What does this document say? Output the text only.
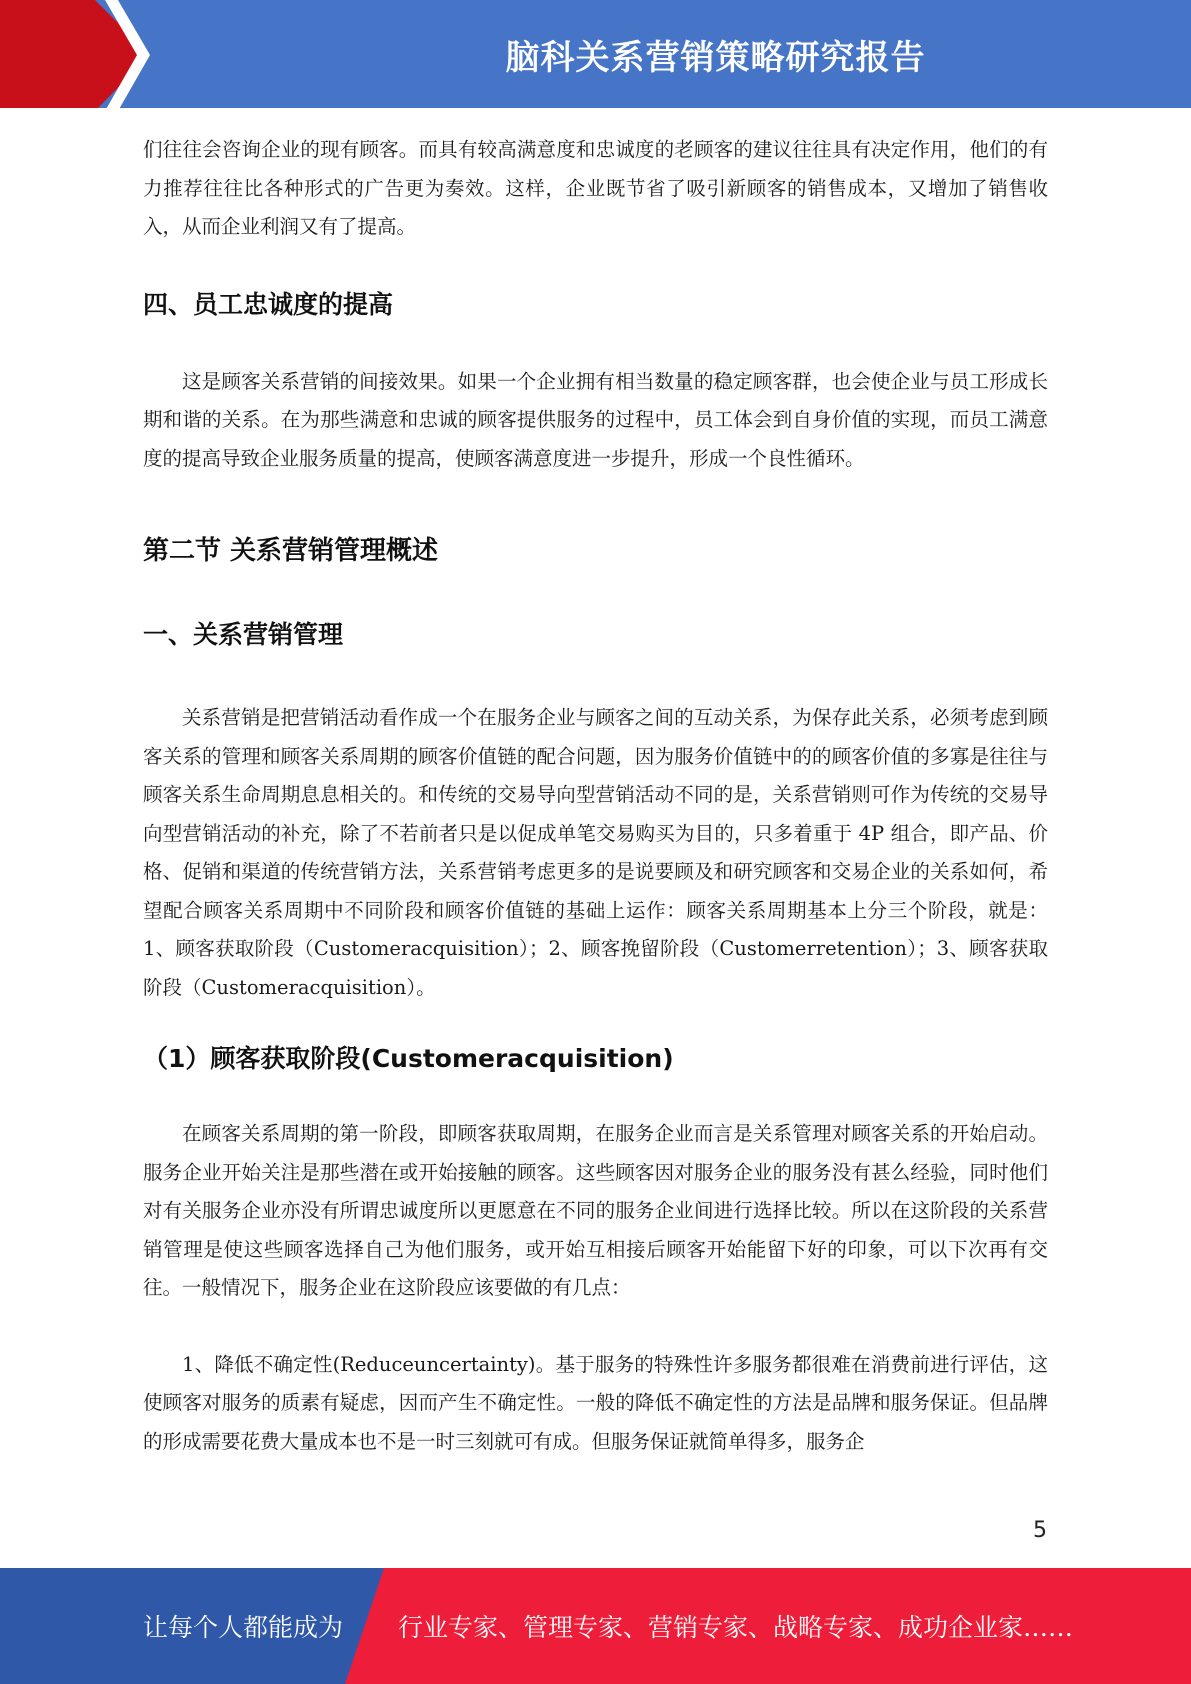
脑科关系营销策略研究报告

们往往会咨询企业的现有顾客。而具有较高满意度和忠诚度的老顾客的建议往往具有决定作用，他们的有力推荐往往比各种形式的广告更为奏效。这样，企业既节省了吸引新顾客的销售成本，又增加了销售收入，从而企业利润又有了提高。

四、员工忠诚度的提高

这是顾客关系营销的间接效果。如果一个企业拥有相当数量的稳定顾客群，也会使企业与员工形成长期和谐的关系。在为那些满意和忠诚的顾客提供服务的过程中，员工体会到自身价值的实现，而员工满意度的提高导致企业服务质量的提高，使顾客满意度进一步提升，形成一个良性循环。

第二节 关系营销管理概述
一、关系营销管理

关系营销是把营销活动看作成一个在服务企业与顾客之间的互动关系，为保存此关系，必须考虑到顾客关系的管理和顾客关系周期的顾客价值链的配合问题，因为服务价值链中的的顾客价值的多寡是往往与顾客关系生命周期息息相关的。和传统的交易导向型营销活动不同的是，关系营销则可作为传统的交易导向型营销活动的补充，除了不若前者只是以促成单笔交易购买为目的，只多着重于 4P 组合，即产品、价格、促销和渠道的传统营销方法，关系营销考虑更多的是说要顾及和研究顾客和交易企业的关系如何，希望配合顾客关系周期中不同阶段和顾客价值链的基础上运作：顾客关系周期基本上分三个阶段，就是：1、顾客获取阶段（Customeracquisition）；2、顾客挽留阶段（Customerretention）；3、顾客获取阶段（Customeracquisition）。

（1）顾客获取阶段(Customeracquisition)

在顾客关系周期的第一阶段，即顾客获取周期，在服务企业而言是关系管理对顾客关系的开始启动。服务企业开始关注是那些潜在或开始接触的顾客。这些顾客因对服务企业的服务没有甚么经验，同时他们对有关服务企业亦没有所谓忠诚度所以更愿意在不同的服务企业间进行选择比较。所以在这阶段的关系营销管理是使这些顾客选择自己为他们服务，或开始互相接后顾客开始能留下好的印象，可以下次再有交往。一般情况下，服务企业在这阶段应该要做的有几点：

1、降低不确定性(Reduceuncertainty)。基于服务的特殊性许多服务都很难在消费前进行评估，这使顾客对服务的质素有疑虑，因而产生不确定性。一般的降低不确定性的方法是品牌和服务保证。但品牌的形成需要花费大量成本也不是一时三刻就可有成。但服务保证就简单得多，服务企

5
让每个人都能成为 行业专家、管理专家、营销专家、战略专家、成功企业家……
